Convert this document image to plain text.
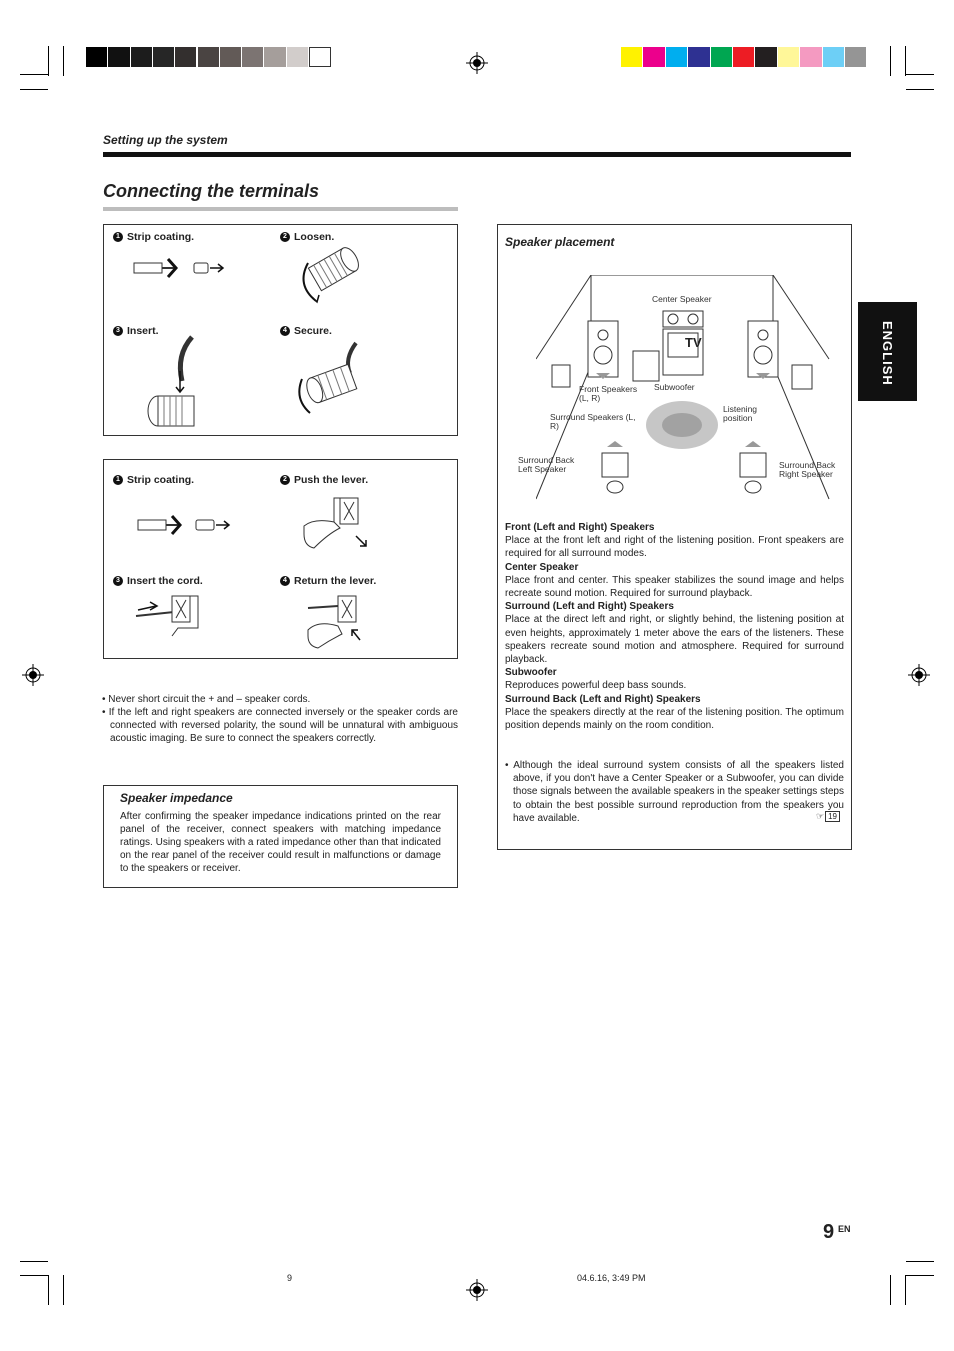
Setting up the system
Connecting the terminals
1 Strip coating.	2 Loosen.
3 Insert.	4 Secure.
1 Strip coating.	2 Push the lever.
3 Insert the cord.	4 Return the lever.
• Never short circuit the + and – speaker cords.
• If the left and right speakers are connected inversely or the speaker cords are connected with reversed polarity, the sound will be unnatural with ambiguous acoustic imaging. Be sure to connect the speakers correctly.
Speaker impedance
After confirming the speaker impedance indications printed on the rear panel of the receiver, connect speakers with matching impedance ratings. Using speakers with a rated impedance other than that indicated on the rear panel of the receiver could result in malfunctions or damage to the speakers or receiver.
Speaker placement
TV
Center Speaker
Front Speakers (L, R)
Subwoofer
Surround Speakers (L, R)
Listening position
Surround Back Left Speaker	Surround Back Right Speaker
Front (Left and Right) Speakers
Place at the front left and right of the listening position. Front speakers are required for all surround modes.
Center Speaker
Place front and center. This speaker stabilizes the sound image and helps recreate sound motion. Required for surround playback.
Surround (Left and Right) Speakers
Place at the direct left and right, or slightly behind, the listening position at even heights, approximately 1 meter above the ears of the listeners. These speakers recreate sound motion and atmosphere. Required for surround playback.
Subwoofer
Reproduces powerful deep bass sounds.
Surround Back (Left and Right) Speakers
Place the speakers directly at the rear of the listening position. The optimum position depends mainly on the room condition.
• Although the ideal surround system consists of all the speakers listed above, if you don't have a Center Speaker or a Subwoofer, you can divide those signals between the available speakers in the speaker settings steps to obtain the best possible surround reproduction from the speakers you have available.	☞ 19
ENGLISH
9 EN
9	04.6.16, 3:49 PM
